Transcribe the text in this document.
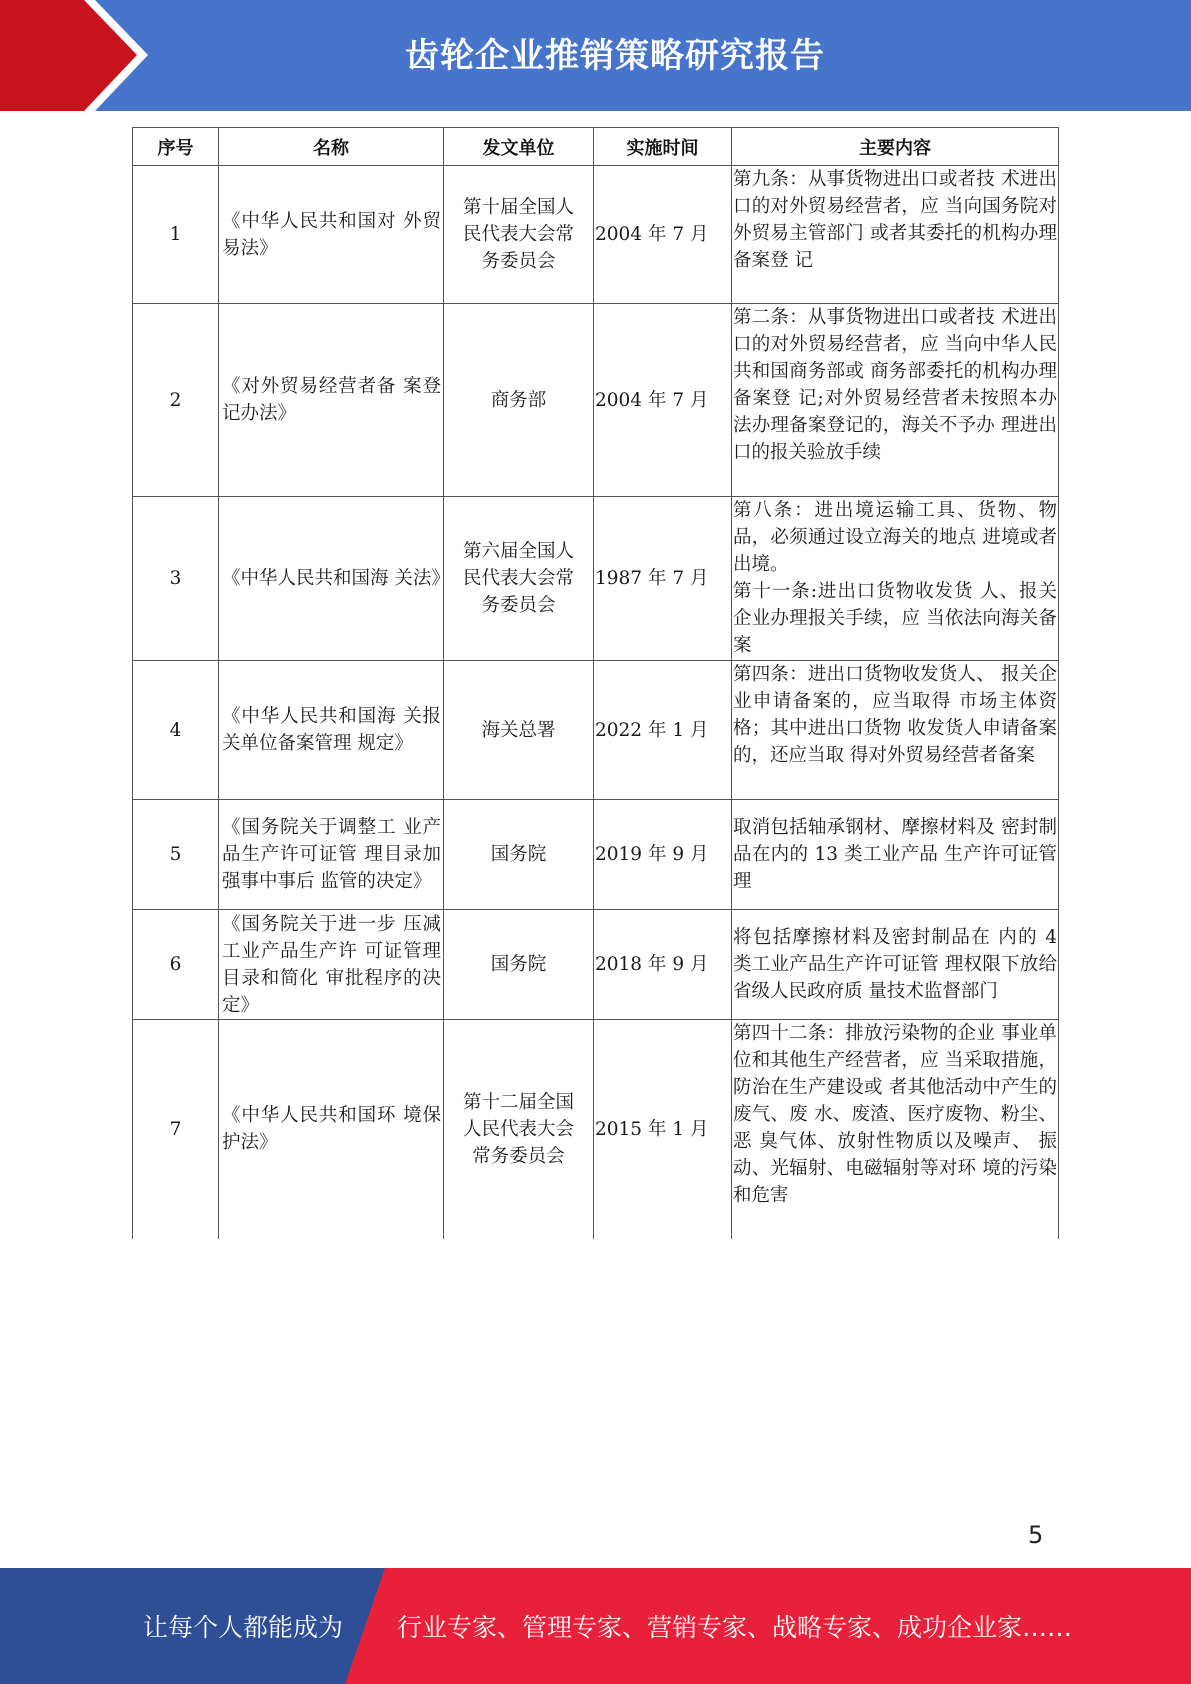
齿轮企业推销策略研究报告
序号	名称	发文单位	实施时间	主要内容
1	《中华人民共和国对 外贸易法》	第十届全国人民代表大会常务委员会	2004 年 7 月	第九条：从事货物进出口或者技 术进出口的对外贸易经营者，应 当向国务院对外贸易主管部门 或者其委托的机构办理备案登 记
2	《对外贸易经营者备 案登记办法》	商务部	2004 年 7 月	第二条：从事货物进出口或者技 术进出口的对外贸易经营者，应 当向中华人民共和国商务部或 商务部委托的机构办理备案登 记;对外贸易经营者未按照本办 法办理备案登记的，海关不予办 理进出口的报关验放手续
3	《中华人民共和国海 关法》	第六届全国人民代表大会常务委员会	1987 年 7 月	第八条：进出境运输工具、货物、物品，必须通过设立海关的地点 进境或者出境。
第十一条:进出口货物收发货 人、报关企业办理报关手续，应 当依法向海关备案
4	《中华人民共和国海 关报关单位备案管理 规定》	海关总署	2022 年 1 月	第四条：进出口货物收发货人、 报关企业申请备案的，应当取得 市场主体资格；其中进出口货物 收发货人申请备案的，还应当取 得对外贸易经营者备案
5	《国务院关于调整工 业产品生产许可证管 理目录加强事中事后 监管的决定》	国务院	2019 年 9 月	取消包括轴承钢材、摩擦材料及 密封制品在内的 13 类工业产品 生产许可证管理
6	《国务院关于进一步 压减工业产品生产许 可证管理目录和简化 审批程序的决定》	国务院	2018 年 9 月	将包括摩擦材料及密封制品在 内的 4 类工业产品生产许可证管 理权限下放给省级人民政府质 量技术监督部门
7	《中华人民共和国环 境保护法》	第十二届全国人民代表大会常务委员会	2015 年 1 月	第四十二条：排放污染物的企业 事业单位和其他生产经营者，应 当采取措施，防治在生产建设或 者其他活动中产生的废气、废 水、废渣、医疗废物、粉尘、恶 臭气体、放射性物质以及噪声、 振动、光辐射、电磁辐射等对环 境的污染和危害
5
让每个人都能成为 行业专家、管理专家、营销专家、战略专家、成功企业家……
